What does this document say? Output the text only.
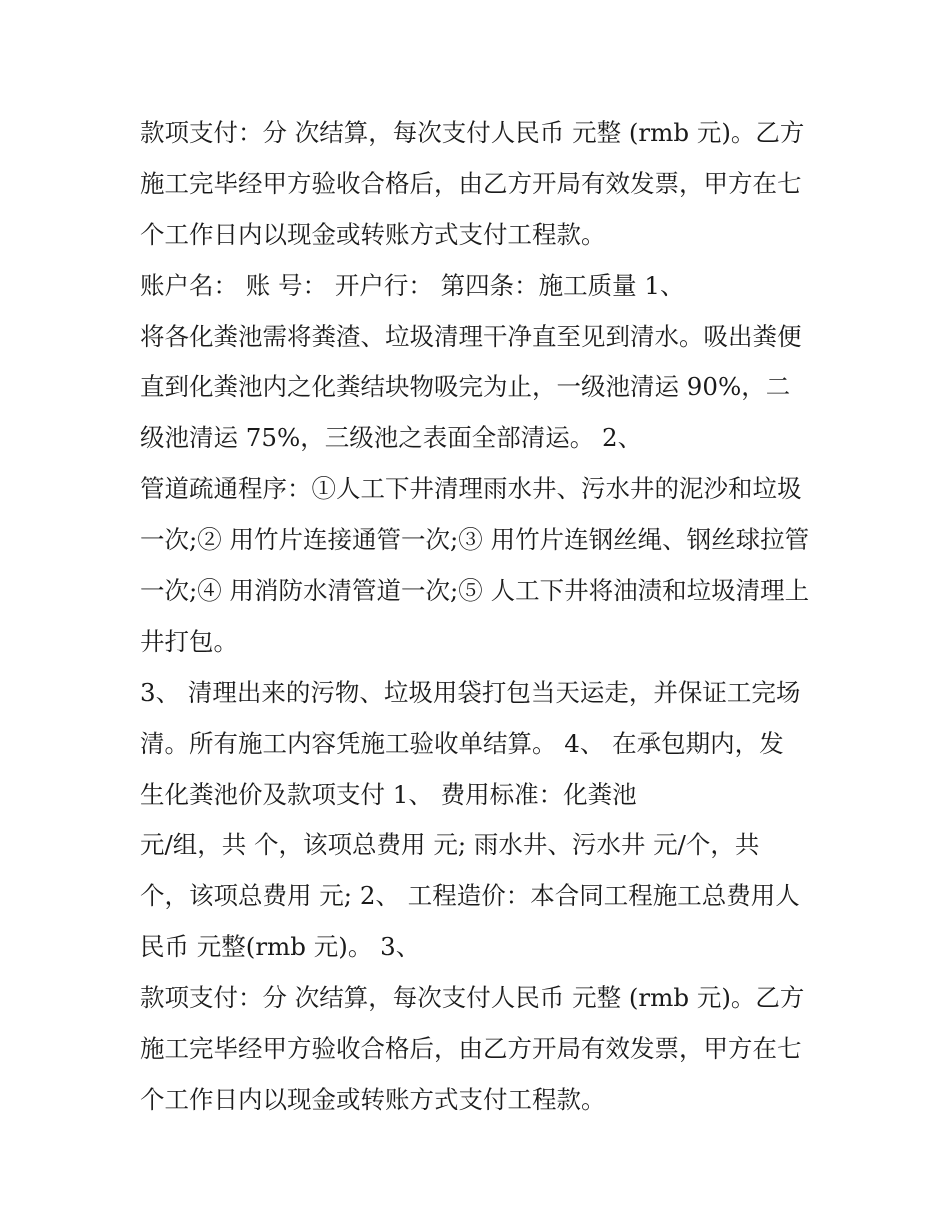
款项支付：分 次结算，每次支付人民币 元整 (rmb 元)。乙方
施工完毕经甲方验收合格后，由乙方开局有效发票，甲方在七
个工作日内以现金或转账方式支付工程款。
账户名： 账 号： 开户行： 第四条：施工质量 1、
将各化粪池需将粪渣、垃圾清理干净直至见到清水。吸出粪便
直到化粪池内之化粪结块物吸完为止，一级池清运 90%，二
级池清运 75%，三级池之表面全部清运。 2、
管道疏通程序：①人工下井清理雨水井、污水井的泥沙和垃圾
一次;② 用竹片连接通管一次;③ 用竹片连钢丝绳、钢丝球拉管
一次;④ 用消防水清管道一次;⑤ 人工下井将油渍和垃圾清理上
井打包。
3、 清理出来的污物、垃圾用袋打包当天运走，并保证工完场
清。所有施工内容凭施工验收单结算。 4、 在承包期内，发
生化粪池价及款项支付 1、 费用标准：化粪池
元/组，共 个，该项总费用 元; 雨水井、污水井 元/个，共
个，该项总费用 元; 2、 工程造价：本合同工程施工总费用人
民币 元整(rmb 元)。 3、
款项支付：分 次结算，每次支付人民币 元整 (rmb 元)。乙方
施工完毕经甲方验收合格后，由乙方开局有效发票，甲方在七
个工作日内以现金或转账方式支付工程款。
